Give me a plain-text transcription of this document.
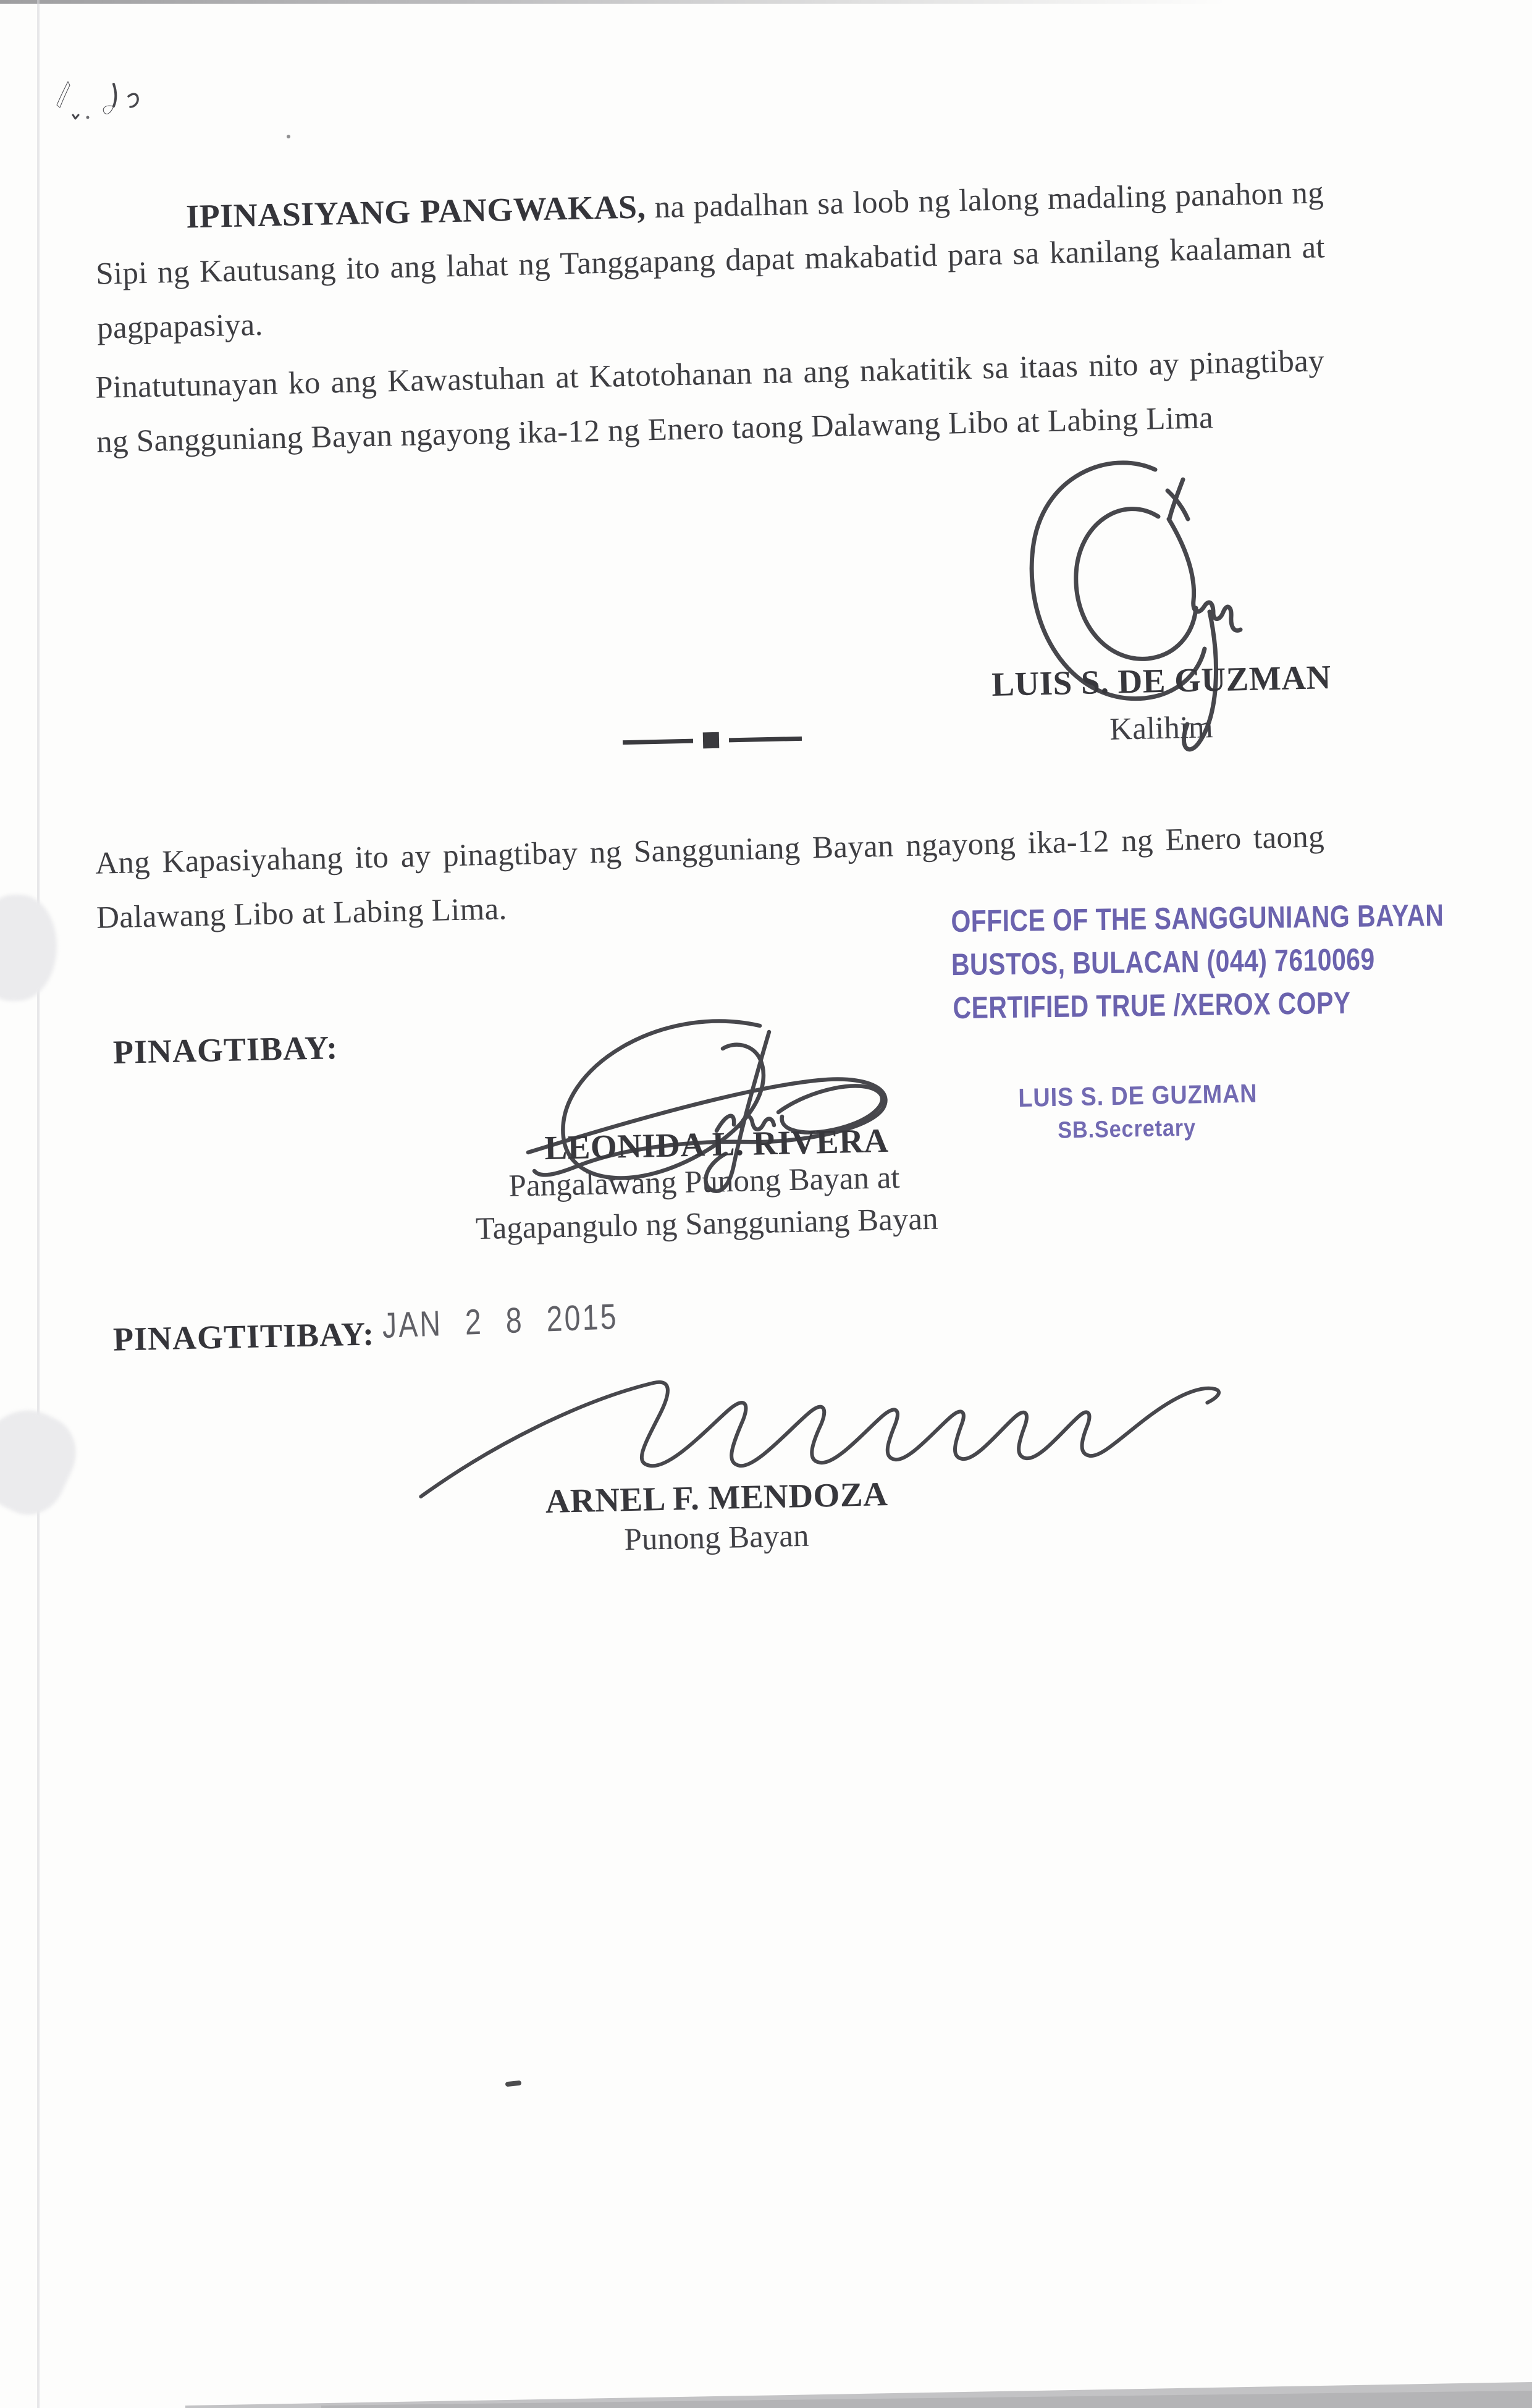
IPINASIYANG PANGWAKAS, na padalhan sa loob ng lalong madaling panahon ng Sipi ng Kautusang ito ang lahat ng Tanggapang dapat makabatid para sa kanilang kaalaman at pagpapasiya.

Pinatutunayan ko ang Kawastuhan at Katotohanan na ang nakatitik sa itaas nito ay pinagtibay ng Sangguniang Bayan ngayong ika-12 ng Enero taong Dalawang Libo at Labing Lima

LUIS S. DE GUZMAN

Kalihim

Ang Kapasiyahang ito ay pinagtibay ng Sangguniang Bayan ngayong ika-12 ng Enero taong Dalawang Libo at Labing Lima.	OFFICE OF THE SANGGUNIANG BAYAN
BUSTOS, BULACAN (044) 7610069
CERTIFIED TRUE /XEROX COPY

PINAGTIBAY:

LEONIDA L. RIVERA

Pangalawang Punong Bayan at

Tagapangulo ng Sangguniang Bayan

LUIS S. DE GUZMAN
SB.Secretary

PINAGTITIBAY: JAN 2 8 2015

ARNEL F. MENDOZA

Punong Bayan
